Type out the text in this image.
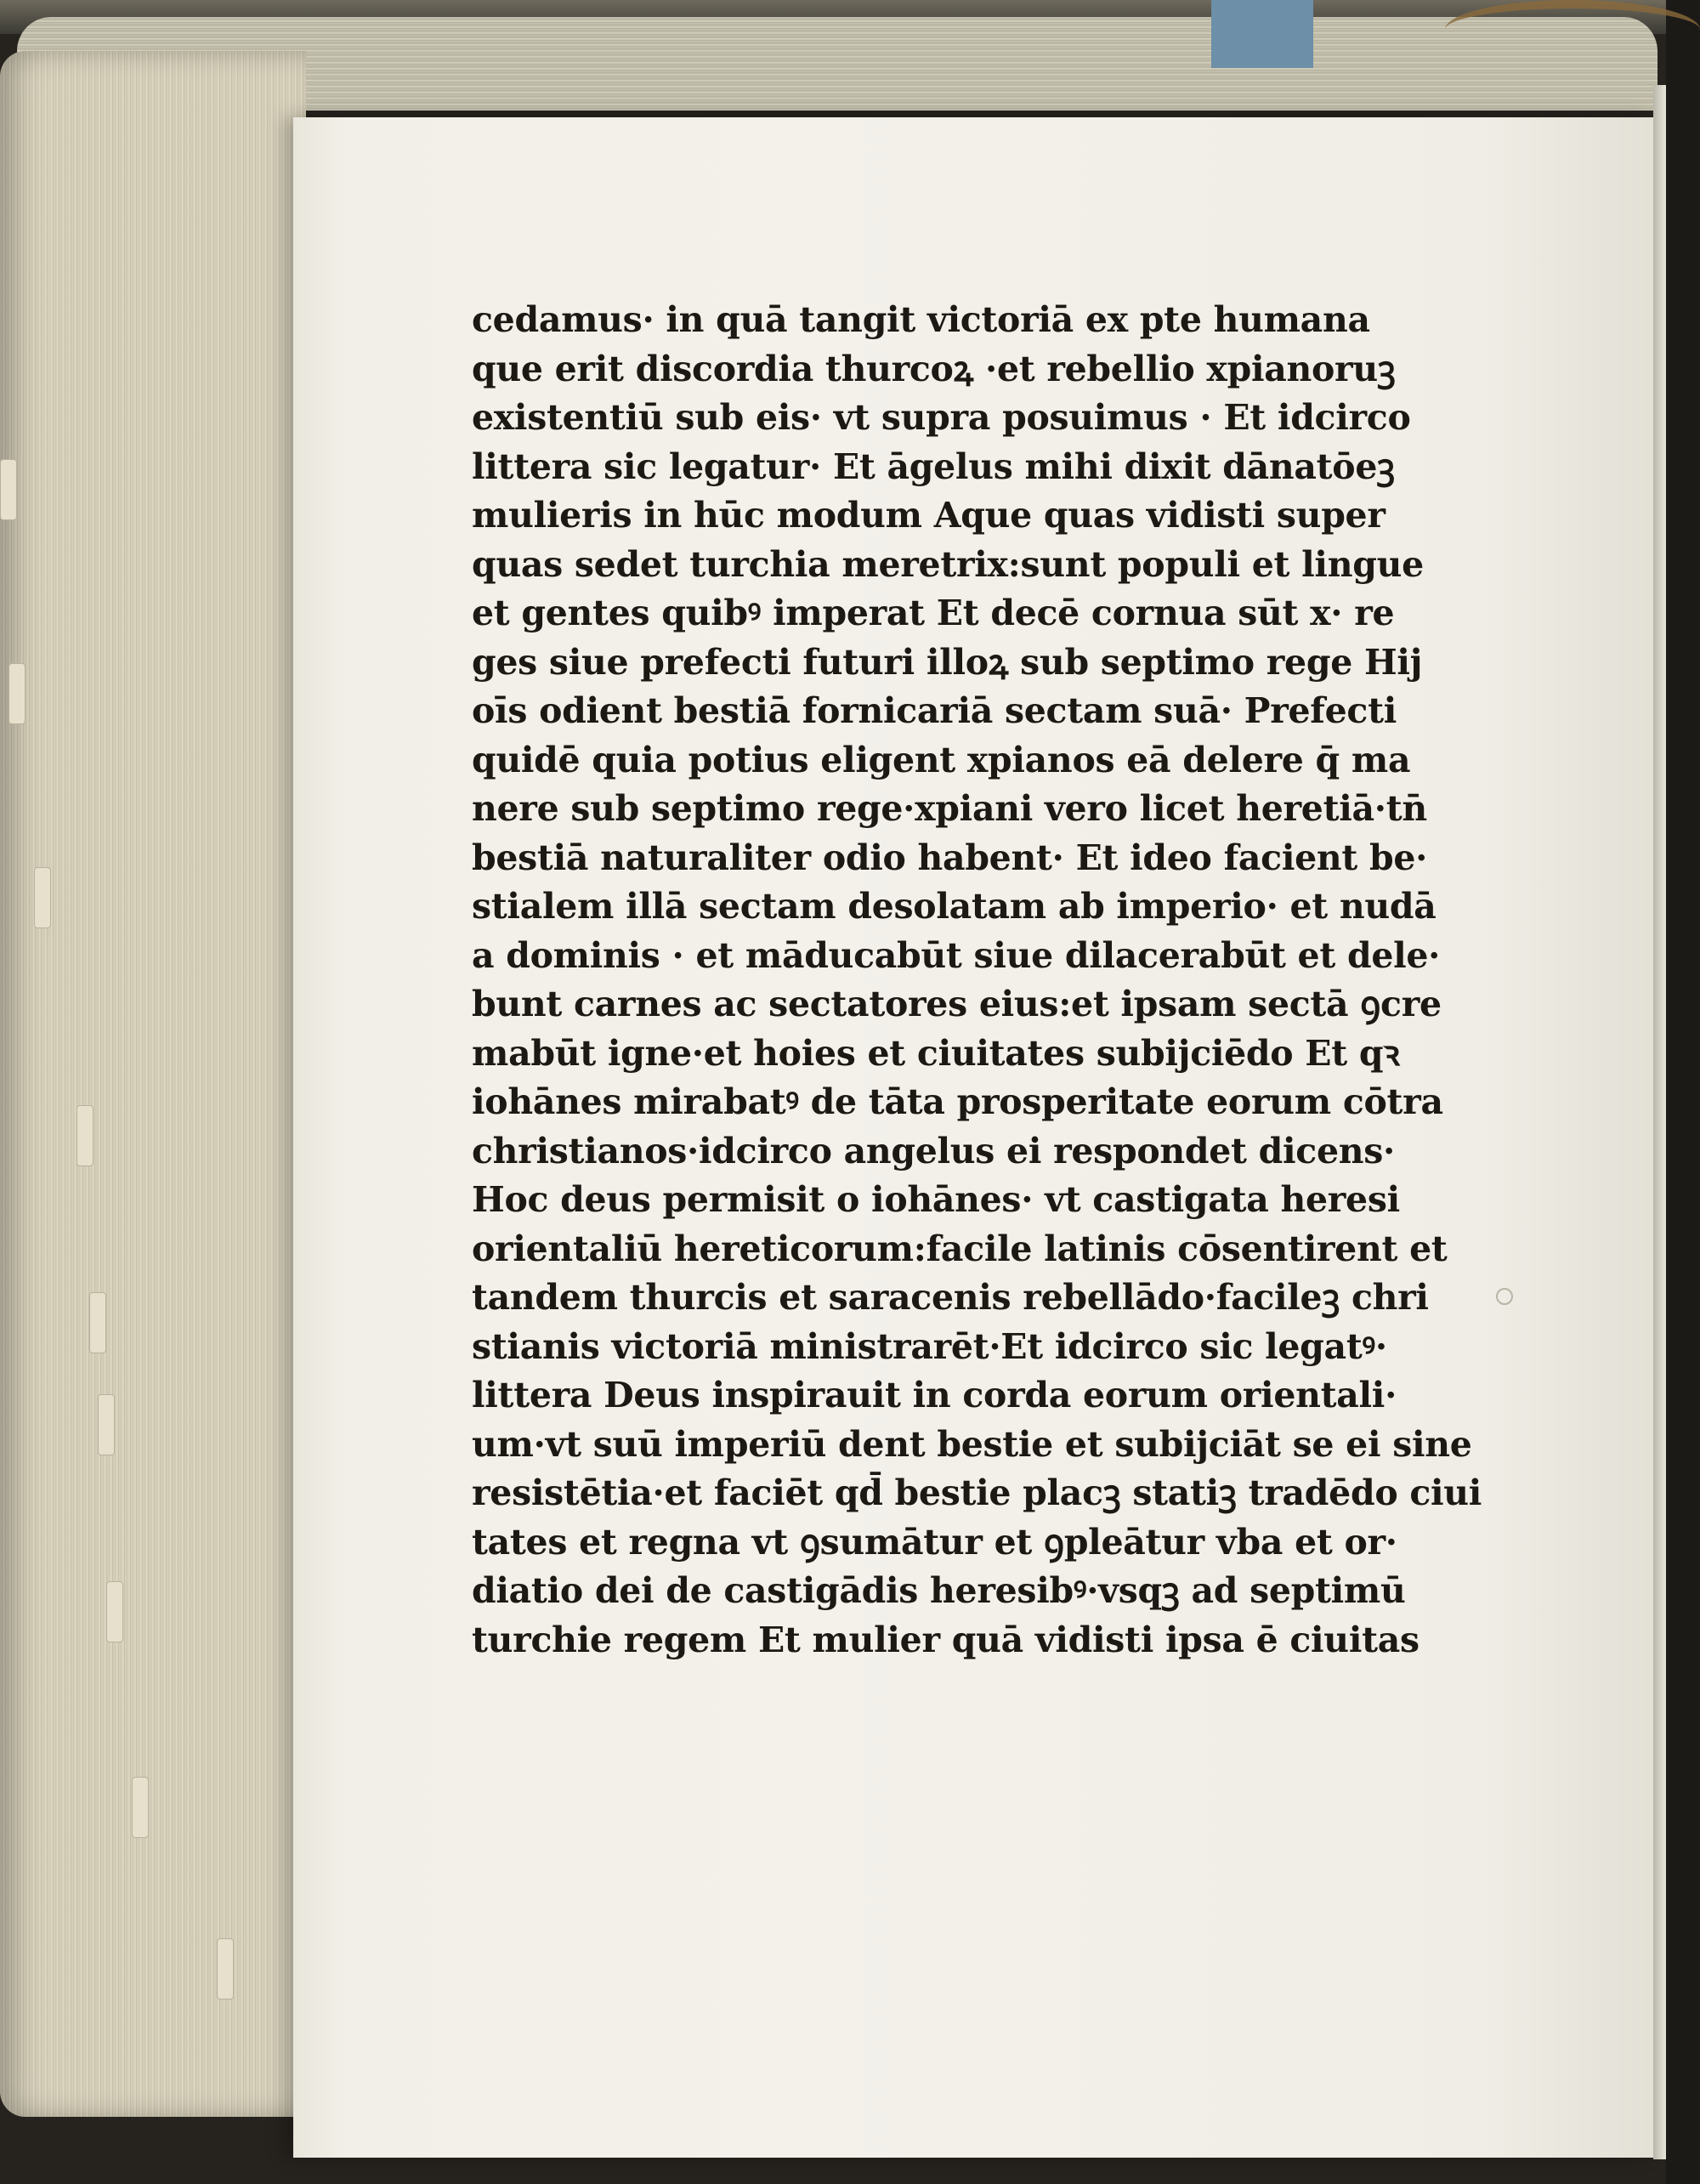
cedamus· in quā tangit victoriā ex pte humana
que erit discordia thurcoꝝ ·et rebellio xpianoruꝫ
existentiū sub eis· vt supra posuimus · Et idcirco
littera sic legatur· Et āgelus mihi dixit dānatōeꝫ
mulieris in hūc modum Aque quas vidisti super
quas sedet turchia meretrix:sunt populi et lingue
et gentes quibꝰ imperat Et decē cornua sūt x· re
ges siue prefecti futuri illoꝝ sub septimo rege Hij
oīs odient bestiā fornicariā sectam suā· Prefecti
quidē quia potius eligent xpianos eā delere q̄ ma
nere sub septimo rege·xpiani vero licet heretiā·tn̄
bestiā naturaliter odio habent· Et ideo facient be·
stialem illā sectam desolatam ab imperio· et nudā
a dominis · et māducabūt siue dilacerabūt et dele·
bunt carnes ac sectatores eius:et ipsam sectā ꝯcre
mabūt igne·et hoies et ciuitates subijciēdo Et qꝛ
iohānes mirabatꝰ de tāta prosperitate eorum cōtra
christianos·idcirco angelus ei respondet dicens·
Hoc deus permisit o iohānes· vt castigata heresi
orientaliū hereticorum:facile latinis cōsentirent et
tandem thurcis et saracenis rebellādo·facileꝫ chri
stianis victoriā ministrarēt·Et idcirco sic legatꝰ·
littera Deus inspirauit in corda eorum orientali·
um·vt suū imperiū dent bestie et subijciāt se ei sine
resistētia·et faciēt qd̄ bestie placꝫ statiꝫ tradēdo ciui
tates et regna vt ꝯsumātur et ꝯpleātur vba et or·
diatio dei de castigādis heresibꝰ·vsqꝫ ad septimū
turchie regem Et mulier quā vidisti ipsa ē ciuitas
